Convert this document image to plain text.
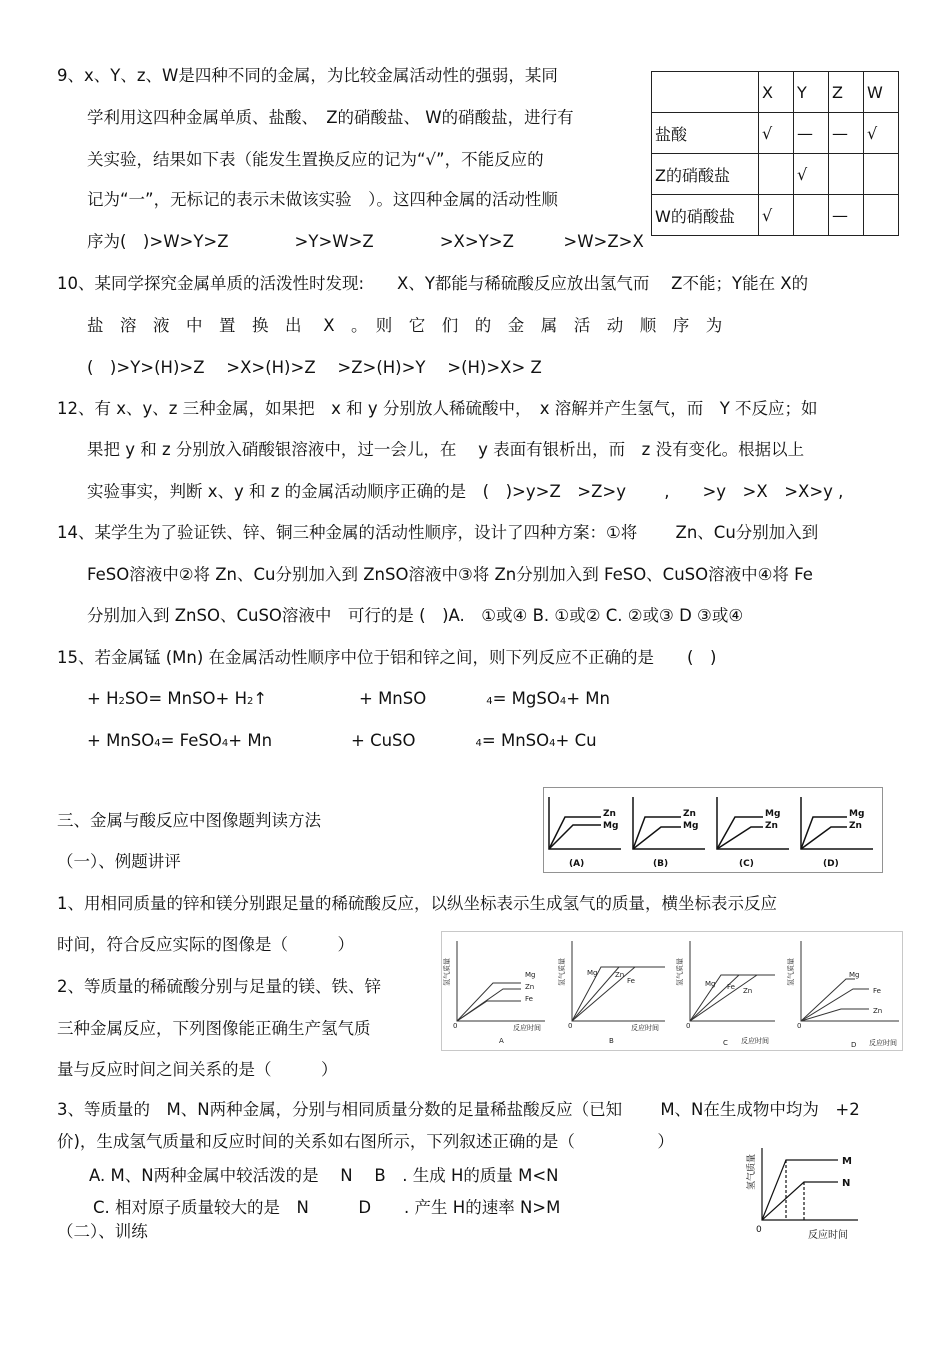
9、x、Y、z、W是四种不同的金属，为比较金属活动性的强弱，某同
学利用这四种金属单质、盐酸、　Z的硝酸盐、 W的硝酸盐，进行有
关实验，结果如下表（能发生置换反应的记为“√”，不能反应的
记为“一”，无标记的表示未做该实验　）。这四种金属的活动性顺
序为(　)>W>Y>Z　　　　>Y>W>Z　　　　>X>Y>Z　　　>W>Z>X
	X	Y	Z	W
盐酸	√	—	—	√
Z的硝酸盐		√		
W的硝酸盐	√		—	
10、某同学探究金属单质的活泼性时发现:　　X、Y都能与稀硫酸反应放出氢气而　 Z不能；Y能在 X的
盐　溶　液　中　置　换　出　 X　。　则　它　们　的　金　属　活　动　顺　序　为
(　)>Y>(H)>Z　 >X>(H)>Z　 >Z>(H)>Y　 >(H)>X> Z
12、有 x、y、z 三种金属，如果把　x 和 y 分别放人稀硫酸中，　x 溶解并产生氢气，而　Y 不反应；如
果把 y 和 z 分别放入硝酸银溶液中，过一会儿，在　 y 表面有银析出，而　z 没有变化。根据以上
实验事实，判断 x、y 和 z 的金属活动顺序正确的是　(　)>y>Z　>Z>y　　 ,　　>y　>X　>X>y ,
14、某学生为了验证铁、锌、铜三种金属的活动性顺序，设计了四种方案：①将　　 Zn、Cu分别加入到
FeSO溶液中②将 Zn、Cu分别加入到 ZnSO溶液中③将 Zn分别加入到 FeSO、CuSO溶液中④将 Fe
分别加入到 ZnSO、CuSO溶液中　可行的是 (　)A.　①或④ B. ①或② C. ②或③ D ③或④
15、若金属锰 (Mn) 在金属活动性顺序中位于铝和锌之间，则下列反应不正确的是　　(　)
+ H2SO= MnSO+ H2↑	+ MnSO	4= MgSO4+ Mn
+ MnSO4= FeSO4+ Mn	+ CuSO	4= MnSO4+ Cu
三、金属与酸反应中图像题判读方法
（一）、例题讲评
1、用相同质量的锌和镁分别跟足量的稀硫酸反应，以纵坐标表示生成氢气的质量，横坐标表示反应
时间，符合反应实际的图像是（　　　）
2、等质量的稀硫酸分别与足量的镁、铁、锌
三种金属反应，下列图像能正确生产氢气质
量与反应时间之间关系的是（　　　）
3、等质量的　M、N两种金属，分别与相同质量分数的足量稀盐酸反应（已知　　 M、N在生成物中均为　+2
价)，生成氢气质量和反应时间的关系如右图所示，下列叙述正确的是（　　　　　）
A. M、N两种金属中较活泼的是　 N　 B　. 生成 H的质量 M<N
C. 相对原子质量较大的是　N　　　D　　. 产生 H的速率 N>M
（二）、训练
Zn
Mg
Zn
Mg
Mg
Zn
Mg
Zn
(A)	(B)	(C)	(D)
氢气质量	氢气质量	氢气质量	氢气质量
Mg
Zn
Fe
Mg	Zn
Fe	Mg Fe Zn
Mg
Fe
Zn
0	0	0	0
反应时间	反应时间
反应时间	反应时间
A	B	C	D
氢气质量	M
N
0	反应时间
